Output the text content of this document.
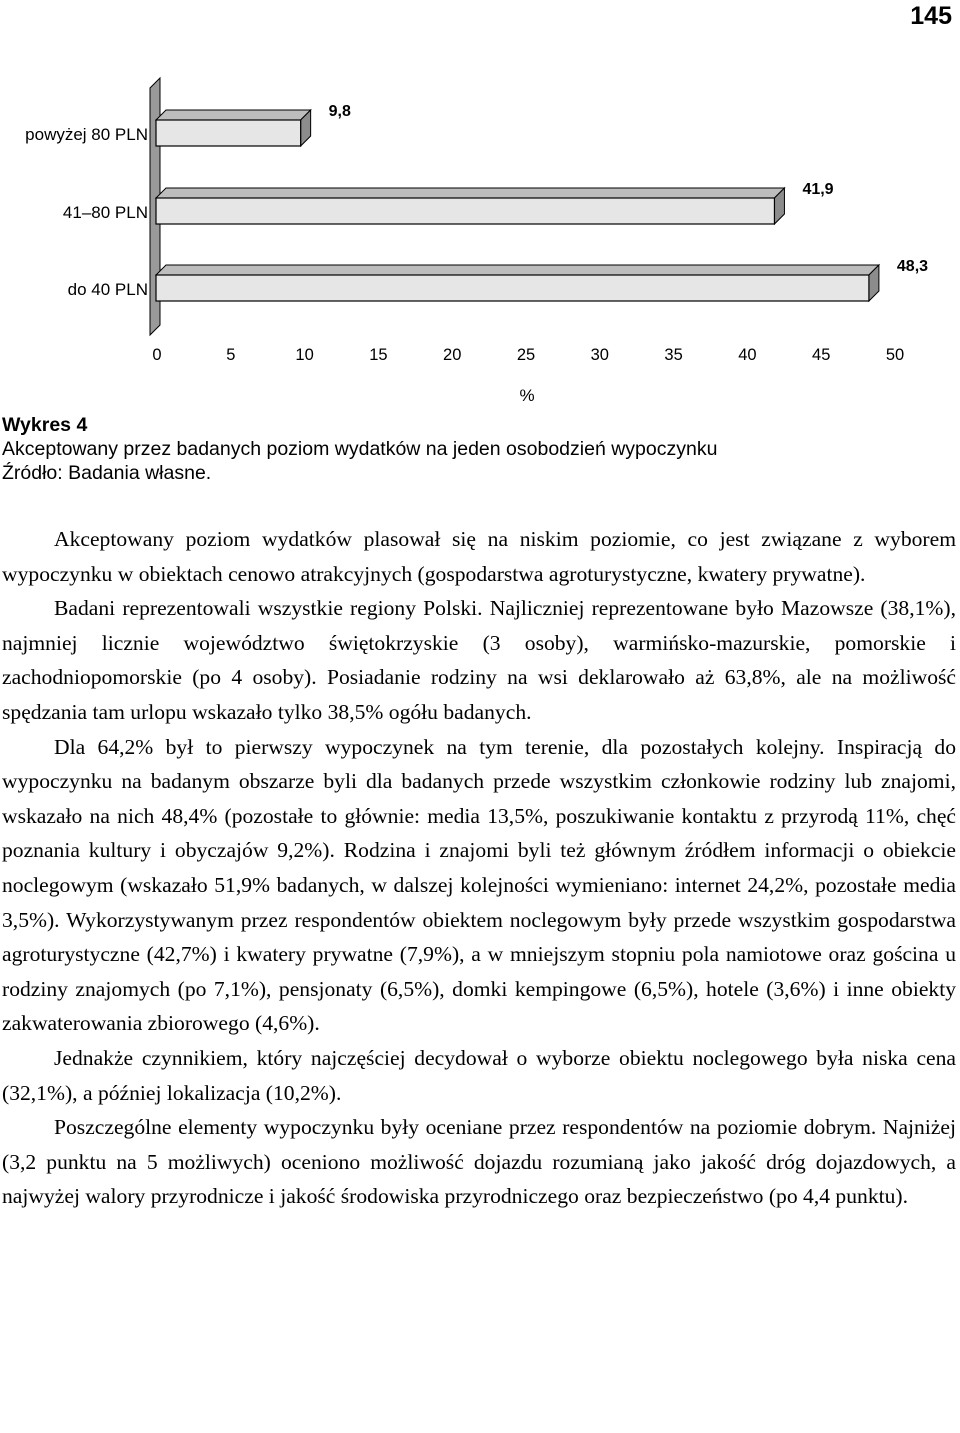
145
powyżej 80 PLN
9,8
41–80 PLN
41,9
do 40 PLN
48,3
0	5	10	15	20	25	30	35	40	45	50
%
Wykres 4
Akceptowany przez badanych poziom wydatków na jeden osobodzień wypoczynku
Źródło: Badania własne.

Akceptowany poziom wydatków plasował się na niskim poziomie, co jest związane z wyborem wypoczynku w obiektach cenowo atrakcyjnych (gospodarstwa agroturystyczne, kwatery prywatne).

Badani reprezentowali wszystkie regiony Polski. Najliczniej reprezentowane było Mazowsze (38,1%), najmniej licznie województwo świętokrzyskie (3 osoby), warmińsko-mazurskie, pomorskie i zachodniopomorskie (po 4 osoby). Posiadanie rodziny na wsi deklarowało aż 63,8%, ale na możliwość spędzania tam urlopu wskazało tylko 38,5% ogółu badanych.

Dla 64,2% był to pierwszy wypoczynek na tym terenie, dla pozostałych kolejny. Inspiracją do wypoczynku na badanym obszarze byli dla badanych przede wszystkim członkowie rodziny lub znajomi, wskazało na nich 48,4% (pozostałe to głównie: media 13,5%, poszukiwanie kontaktu z przyrodą 11%, chęć poznania kultury i obyczajów 9,2%). Rodzina i znajomi byli też głównym źródłem informacji o obiekcie noclegowym (wskazało 51,9% badanych, w dalszej kolejności wymieniano: internet 24,2%, pozostałe media 3,5%). Wykorzystywanym przez respondentów obiektem noclegowym były przede wszystkim gospodarstwa agroturystyczne (42,7%) i kwatery prywatne (7,9%), a w mniejszym stopniu pola namiotowe oraz gościna u rodziny znajomych (po 7,1%), pensjonaty (6,5%), domki kempingowe (6,5%), hotele (3,6%) i inne obiekty zakwaterowania zbiorowego (4,6%).

Jednakże czynnikiem, który najczęściej decydował o wyborze obiektu noclegowego była niska cena (32,1%), a później lokalizacja (10,2%).

Poszczególne elementy wypoczynku były oceniane przez respondentów na poziomie dobrym. Najniżej (3,2 punktu na 5 możliwych) oceniono możliwość dojazdu rozumianą jako jakość dróg dojazdowych, a najwyżej walory przyrodnicze i jakość środowiska przyrodniczego oraz bezpieczeństwo (po 4,4 punktu).
